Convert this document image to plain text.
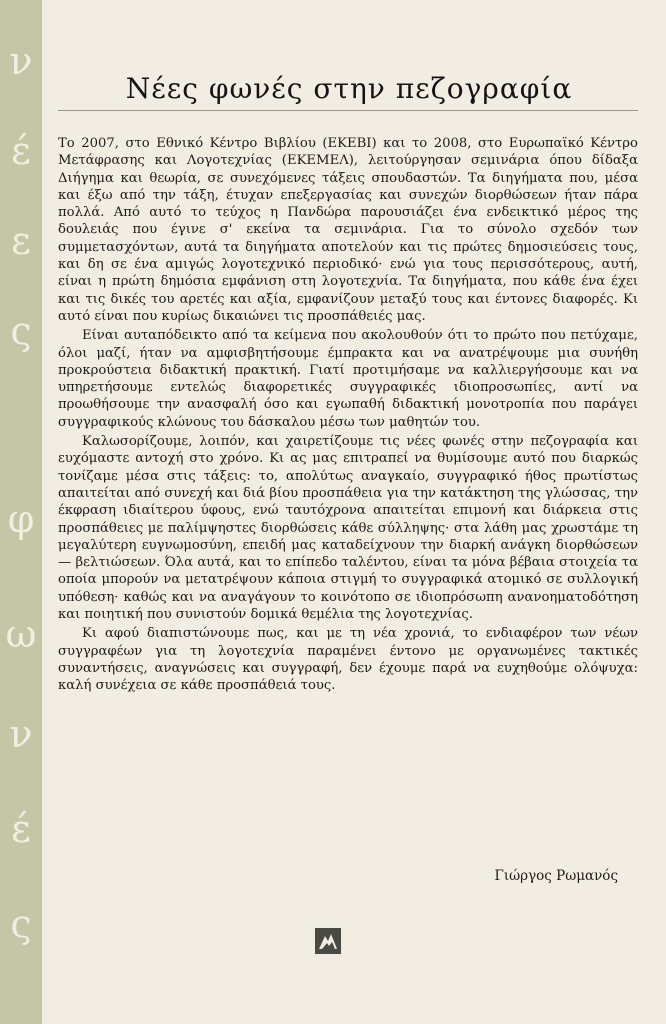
ν
έ
ε
ς
φ
ω
ν
έ
ς
Νέες φωνές στην πεζογραφία

Το 2007, στο Εθνικό Κέντρο Βιβλίου (ΕΚΕΒΙ) και το 2008, στο Ευρωπαϊκό Κέντρο Μετάφρασης και Λογοτεχνίας (ΕΚΕΜΕΛ), λειτούργησαν σεμινάρια όπου δίδαξα Διήγημα και θεωρία, σε συνεχόμενες τάξεις σπουδαστών. Τα διηγήματα που, μέσα και έξω από την τάξη, έτυχαν επεξεργασίας και συνεχών διορθώσεων ήταν πάρα πολλά. Από αυτό το τεύχος η Πανδώρα παρουσιάζει ένα ενδεικτικό μέρος της δουλειάς που έγινε σ' εκείνα τα σεμινάρια. Για το σύνολο σχεδόν των συμμετασχόντων, αυτά τα διηγήματα αποτελούν και τις πρώτες δημοσιεύσεις τους, και δη σε ένα αμιγώς λογοτεχνικό περιοδικό· ενώ για τους περισσότερους, αυτή, είναι η πρώτη δημόσια εμφάνιση στη λογοτεχνία. Τα διηγήματα, που κάθε ένα έχει και τις δικές του αρετές και αξία, εμφανίζουν μεταξύ τους και έντονες διαφορές. Κι αυτό είναι που κυρίως δικαιώνει τις προσπάθειές μας.

Είναι αυταπόδεικτο από τα κείμενα που ακολουθούν ότι το πρώτο που πετύχαμε, όλοι μαζί, ήταν να αμφισβητήσουμε έμπρακτα και να ανατρέψουμε μια συνήθη προκρούστεια διδακτική πρακτική. Γιατί προτιμήσαμε να καλλιεργήσουμε και να υπηρετήσουμε εντελώς διαφορετικές συγγραφικές ιδιοπροσωπίες, αντί να προωθήσουμε την ανασφαλή όσο και εγωπαθή διδακτική μονοτροπία που παράγει συγγραφικούς κλώνους του δάσκαλου μέσω των μαθητών του.

Καλωσορίζουμε, λοιπόν, και χαιρετίζουμε τις νέες φωνές στην πεζογραφία και ευχόμαστε αντοχή στο χρόνο. Κι ας μας επιτραπεί να θυμίσουμε αυτό που διαρκώς τονίζαμε μέσα στις τάξεις: το, απολύτως αναγκαίο, συγγραφικό ήθος πρωτίστως απαιτείται από συνεχή και διά βίου προσπάθεια για την κατάκτηση της γλώσσας, την έκφραση ιδιαίτερου ύφους, ενώ ταυτόχρονα απαιτείται επιμονή και διάρκεια στις προσπάθειες με παλίμψηστες διορθώσεις κάθε σύλληψης· στα λάθη μας χρωστάμε τη μεγαλύτερη ευγνωμοσύνη, επειδή μας καταδείχνουν την διαρκή ανάγκη διορθώσεων — βελτιώσεων. Όλα αυτά, και το επίπεδο ταλέντου, είναι τα μόνα βέβαια στοιχεία τα οποία μπορούν να μετατρέψουν κάποια στιγμή το συγγραφικά ατομικό σε συλλογική υπόθεση· καθώς και να αναγάγουν το κοινότοπο σε ιδιοπρόσωπη ανανοηματοδότηση και ποιητική που συνιστούν δομικά θεμέλια της λογοτεχνίας.

Κι αφού διαπιστώνουμε πως, και με τη νέα χρονιά, το ενδιαφέρον των νέων συγγραφέων για τη λογοτεχνία παραμένει έντονο με οργανωμένες τακτικές συναντήσεις, αναγνώσεις και συγγραφή, δεν έχουμε παρά να ευχηθούμε ολόψυχα: καλή συνέχεια σε κάθε προσπάθειά τους.

Γιώργος Ρωμανός
